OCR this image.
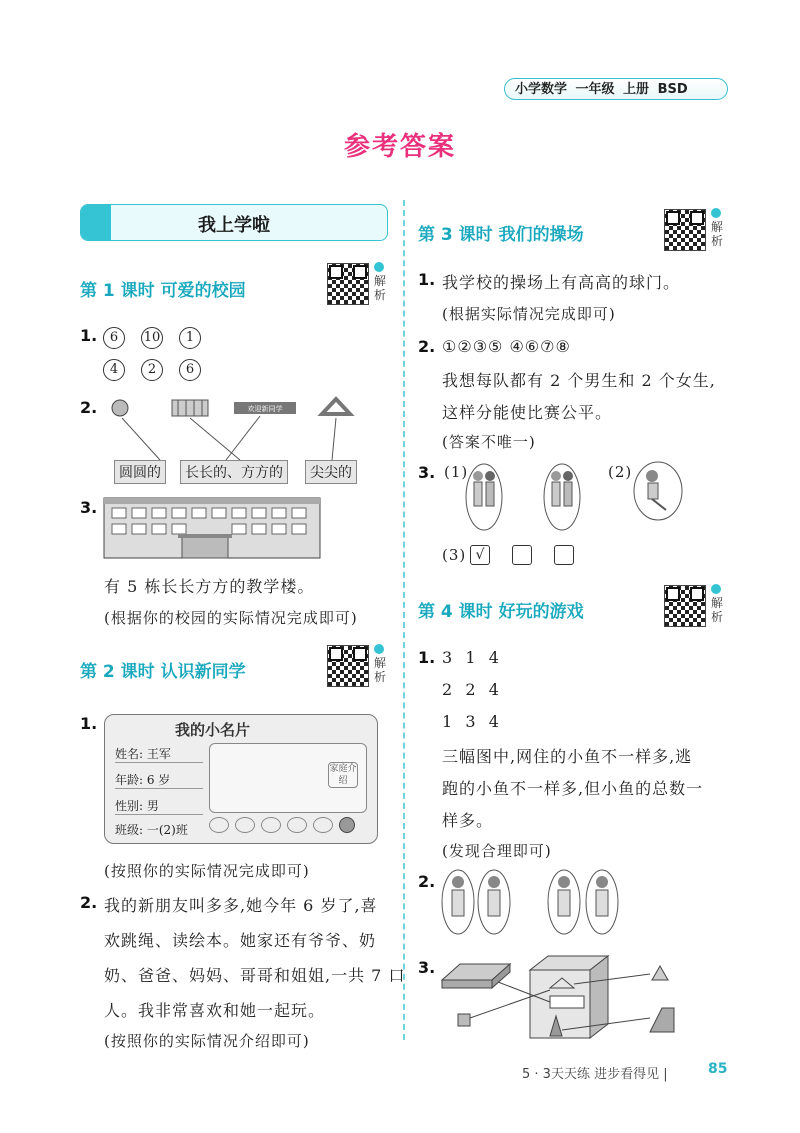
小学数学 一年级 上册 BSD
参考答案
我上学啦
第 1 课时 可爱的校园	解析
1. 6 10 1
4 2 6
2.	欢迎新同学
圆圆的	长长的、方方的	尖尖的
3.
有 5 栋长长方方的教学楼。
(根据你的校园的实际情况完成即可)
第 2 课时 认识新同学	解析
1.	我的小名片
姓名: 王军
年龄: 6 岁
性别: 男
班级: 一(2)班
家庭介绍
(按照你的实际情况完成即可)
2. 我的新朋友叫多多,她今年 6 岁了,喜
欢跳绳、读绘本。她家还有爷爷、奶
奶、爸爸、妈妈、哥哥和姐姐,一共 7 口
人。我非常喜欢和她一起玩。
(按照你的实际情况介绍即可)
第 3 课时 我们的操场	解析
1. 我学校的操场上有高高的球门。
(根据实际情况完成即可)
2. ①②③⑤ ④⑥⑦⑧
我想每队都有 2 个男生和 2 个女生,
这样分能使比赛公平。
(答案不唯一)
3. (1)	(2)
(3) √
第 4 课时 好玩的游戏	解析
1. 3  1  4
2  2  4
1  3  4
三幅图中,网住的小鱼不一样多,逃
跑的小鱼不一样多,但小鱼的总数一
样多。
(发现合理即可)
2.
3.
5 · 3天天练 进步看得见 |	85
